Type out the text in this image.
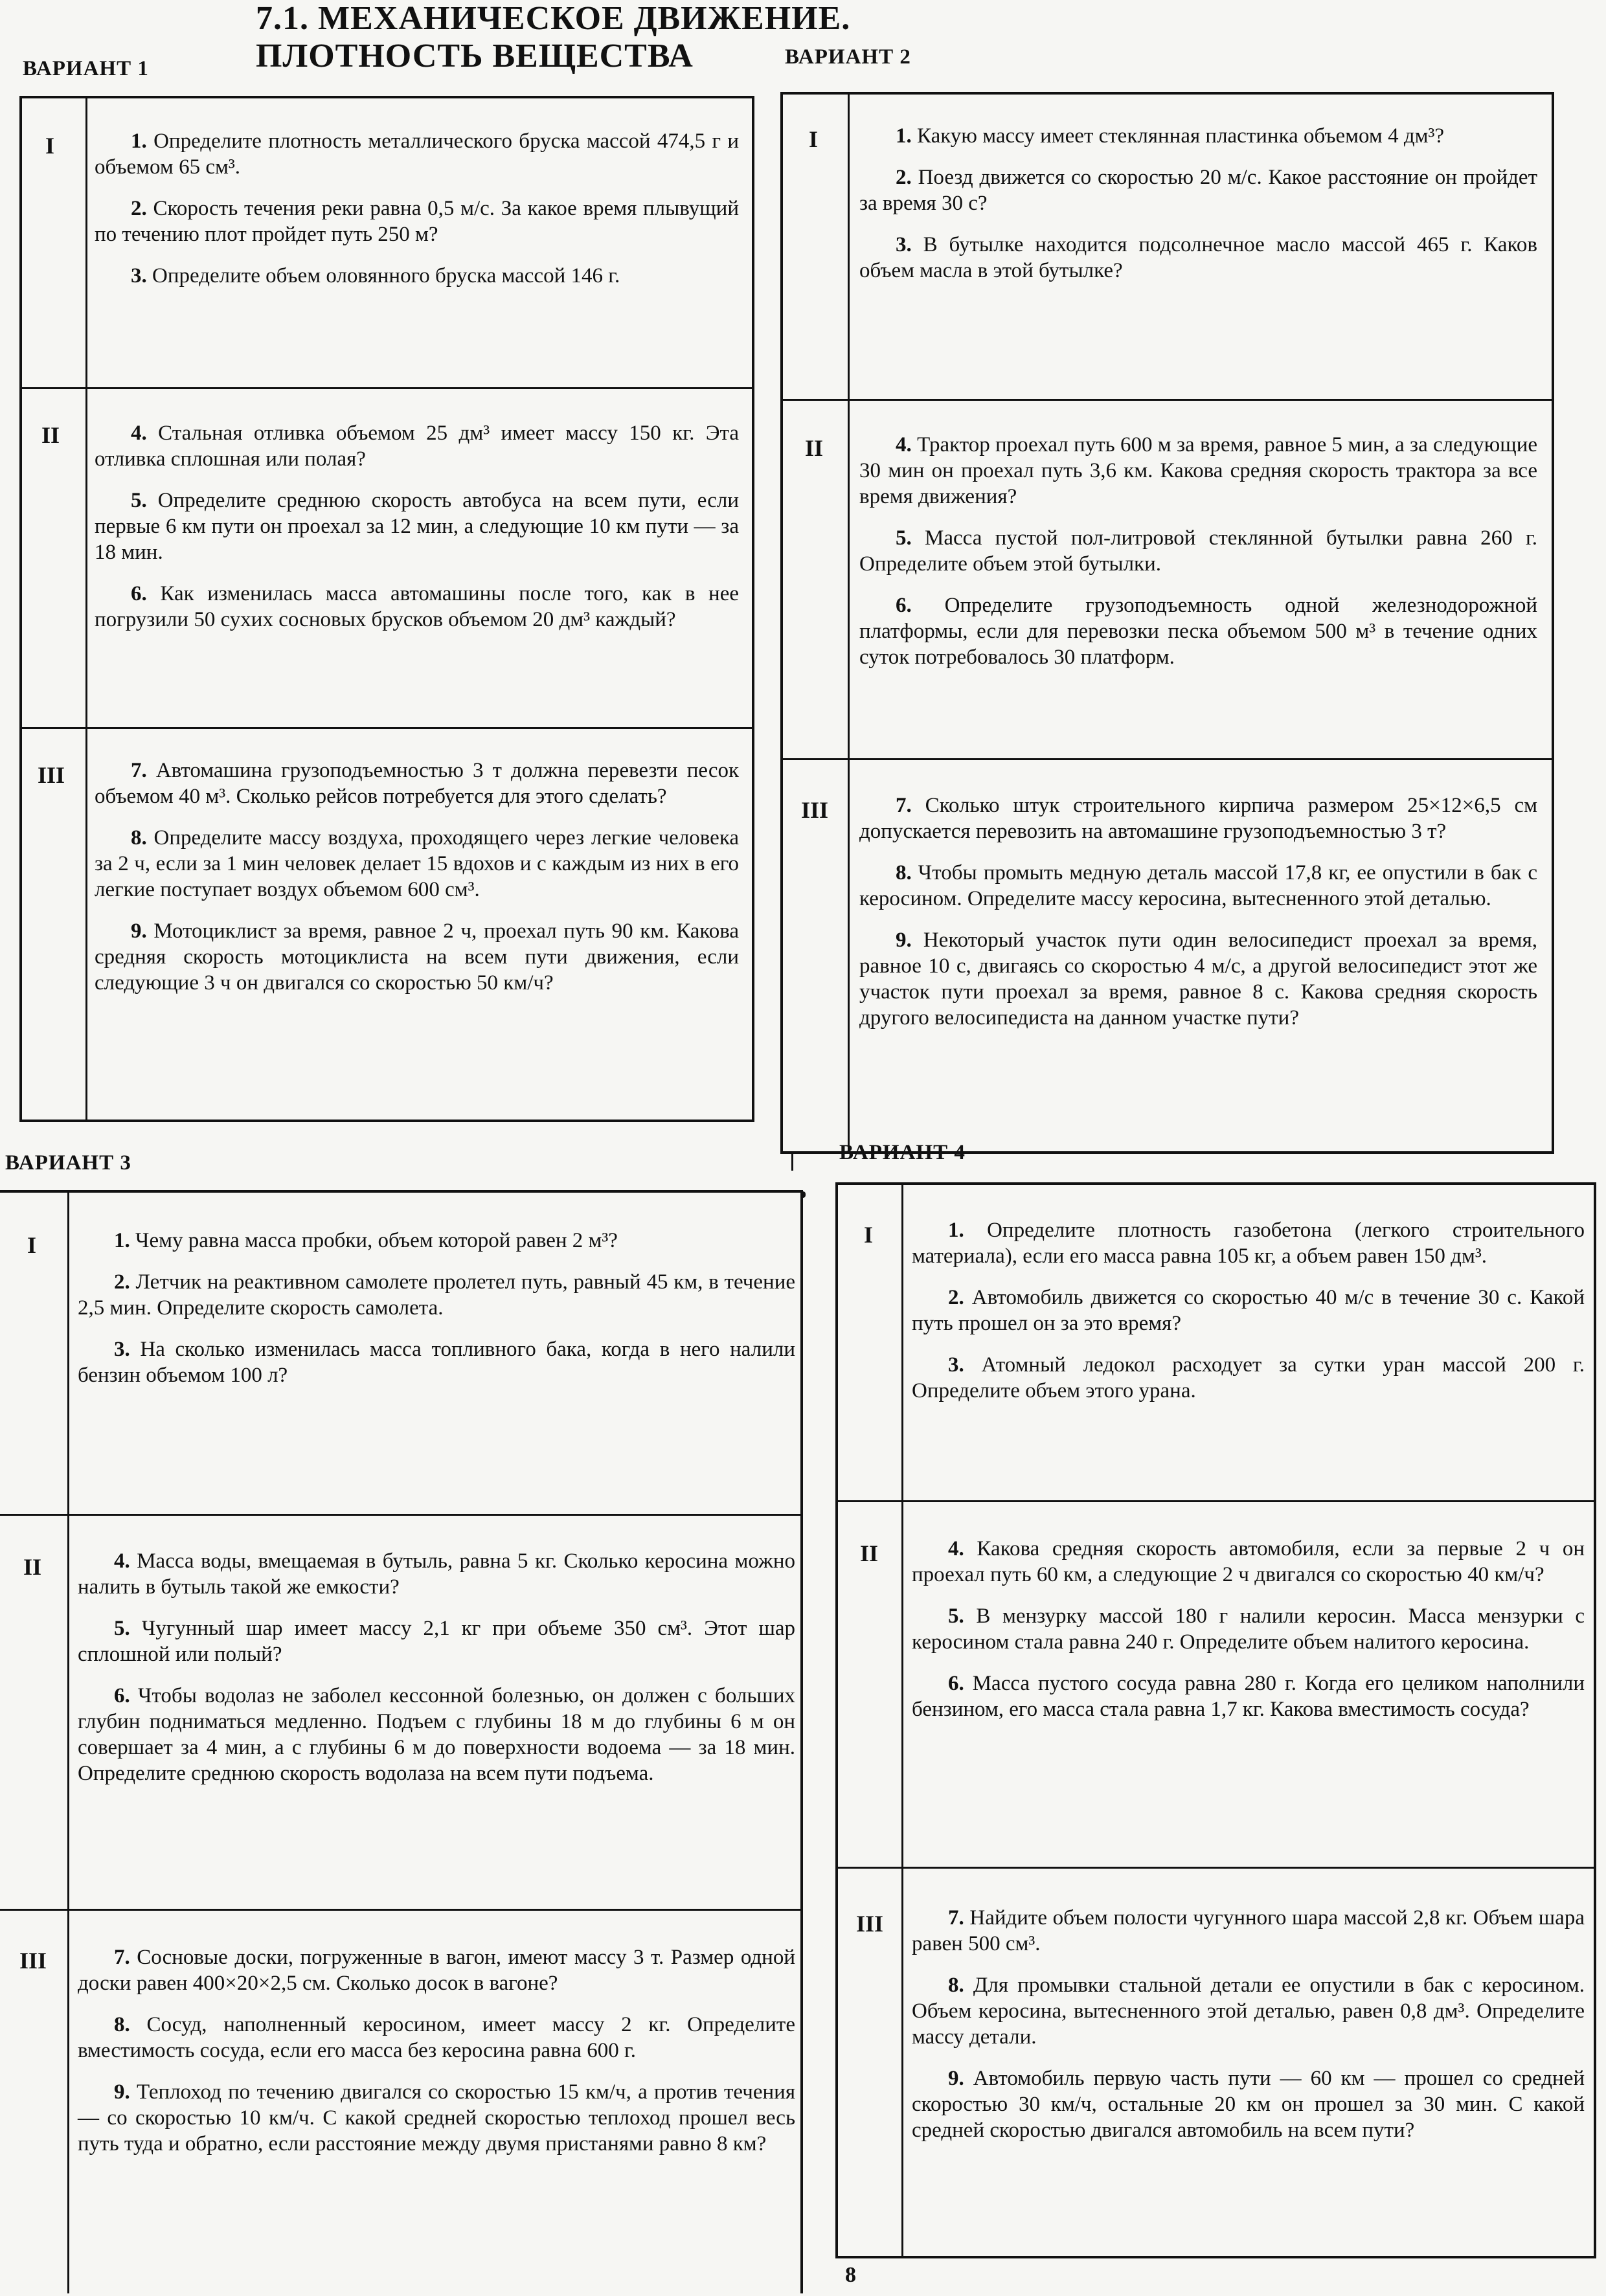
7.1. МЕХАНИЧЕСКОЕ ДВИЖЕНИЕ.
ПЛОТНОСТЬ ВЕЩЕСТВА
ВАРИАНТ 1
I	1. Определите плотность металлического бруска массой 474,5 г и объемом 65 см³.

2. Скорость течения реки равна 0,5 м/с. За какое время плывущий по течению плот пройдет путь 250 м?

3. Определите объем оловянного бруска массой 146 г.

II	4. Стальная отливка объемом 25 дм³ имеет массу 150 кг. Эта отливка сплошная или полая?

5. Определите среднюю скорость автобуса на всем пути, если первые 6 км пути он проехал за 12 мин, а следующие 10 км пути — за 18 мин.

6. Как изменилась масса автомашины после того, как в нее погрузили 50 сухих сосновых брусков объемом 20 дм³ каждый?

III	7. Автомашина грузоподъемностью 3 т должна перевезти песок объемом 40 м³. Сколько рейсов потребуется для этого сделать?

8. Определите массу воздуха, проходящего через легкие человека за 2 ч, если за 1 мин человек делает 15 вдохов и с каждым из них в его легкие поступает воздух объемом 600 см³.

9. Мотоциклист за время, равное 2 ч, проехал путь 90 км. Какова средняя скорость мотоциклиста на всем пути движения, если следующие 3 ч он двигался со скоростью 50 км/ч?

ВАРИАНТ 2
I	1. Какую массу имеет стеклянная пластинка объемом 4 дм³?

2. Поезд движется со скоростью 20 м/с. Какое расстояние он пройдет за время 30 с?

3. В бутылке находится подсолнечное масло массой 465 г. Каков объем масла в этой бутылке?

II	4. Трактор проехал путь 600 м за время, равное 5 мин, а за следующие 30 мин он проехал путь 3,6 км. Какова средняя скорость трактора за все время движения?

5. Масса пустой пол-литровой стеклянной бутылки равна 260 г. Определите объем этой бутылки.

6. Определите грузоподъемность одной железнодорожной платформы, если для перевозки песка объемом 500 м³ в течение одних суток потребовалось 30 платформ.

III	7. Сколько штук строительного кирпича размером 25×12×6,5 см допускается перевозить на автомашине грузоподъемностью 3 т?

8. Чтобы промыть медную деталь массой 17,8 кг, ее опустили в бак с керосином. Определите массу керосина, вытесненного этой деталью.

9. Некоторый участок пути один велосипедист проехал за время, равное 10 с, двигаясь со скоростью 4 м/с, а другой велосипедист этот же участок пути проехал за время, равное 8 с. Какова средняя скорость другого велосипедиста на данном участке пути?

ВАРИАНТ 3
I	1. Чему равна масса пробки, объем которой равен 2 м³?

2. Летчик на реактивном самолете пролетел путь, равный 45 км, в течение 2,5 мин. Определите скорость самолета.

3. На сколько изменилась масса топливного бака, когда в него налили бензин объемом 100 л?

II	4. Масса воды, вмещаемая в бутыль, равна 5 кг. Сколько керосина можно налить в бутыль такой же емкости?

5. Чугунный шар имеет массу 2,1 кг при объеме 350 см³. Этот шар сплошной или полый?

6. Чтобы водолаз не заболел кессонной болезнью, он должен с больших глубин подниматься медленно. Подъем с глубины 18 м до глубины 6 м он совершает за 4 мин, а с глубины 6 м до поверхности водоема — за 18 мин. Определите среднюю скорость водолаза на всем пути подъема.

III	7. Сосновые доски, погруженные в вагон, имеют массу 3 т. Размер одной доски равен 400×20×2,5 см. Сколько досок в вагоне?

8. Сосуд, наполненный керосином, имеет массу 2 кг. Определите вместимость сосуда, если его масса без керосина равна 600 г.

9. Теплоход по течению двигался со скоростью 15 км/ч, а против течения — со скоростью 10 км/ч. С какой средней скоростью теплоход прошел весь путь туда и обратно, если расстояние между двумя пристанями равно 8 км?

ВАРИАНТ 4
I	1. Определите плотность газобетона (легкого строительного материала), если его масса равна 105 кг, а объем равен 150 дм³.

2. Автомобиль движется со скоростью 40 м/с в течение 30 с. Какой путь прошел он за это время?

3. Атомный ледокол расходует за сутки уран массой 200 г. Определите объем этого урана.

II	4. Какова средняя скорость автомобиля, если за первые 2 ч он проехал путь 60 км, а следующие 2 ч двигался со скоростью 40 км/ч?

5. В мензурку массой 180 г налили керосин. Масса мензурки с керосином стала равна 240 г. Определите объем налитого керосина.

6. Масса пустого сосуда равна 280 г. Когда его целиком наполнили бензином, его масса стала равна 1,7 кг. Какова вместимость сосуда?

III	7. Найдите объем полости чугунного шара массой 2,8 кг. Объем шара равен 500 см³.

8. Для промывки стальной детали ее опустили в бак с керосином. Объем керосина, вытесненного этой деталью, равен 0,8 дм³. Определите массу детали.

9. Автомобиль первую часть пути — 60 км — прошел со средней скоростью 30 км/ч, остальные 20 км он прошел за 30 мин. С какой средней скоростью двигался автомобиль на всем пути?

8
